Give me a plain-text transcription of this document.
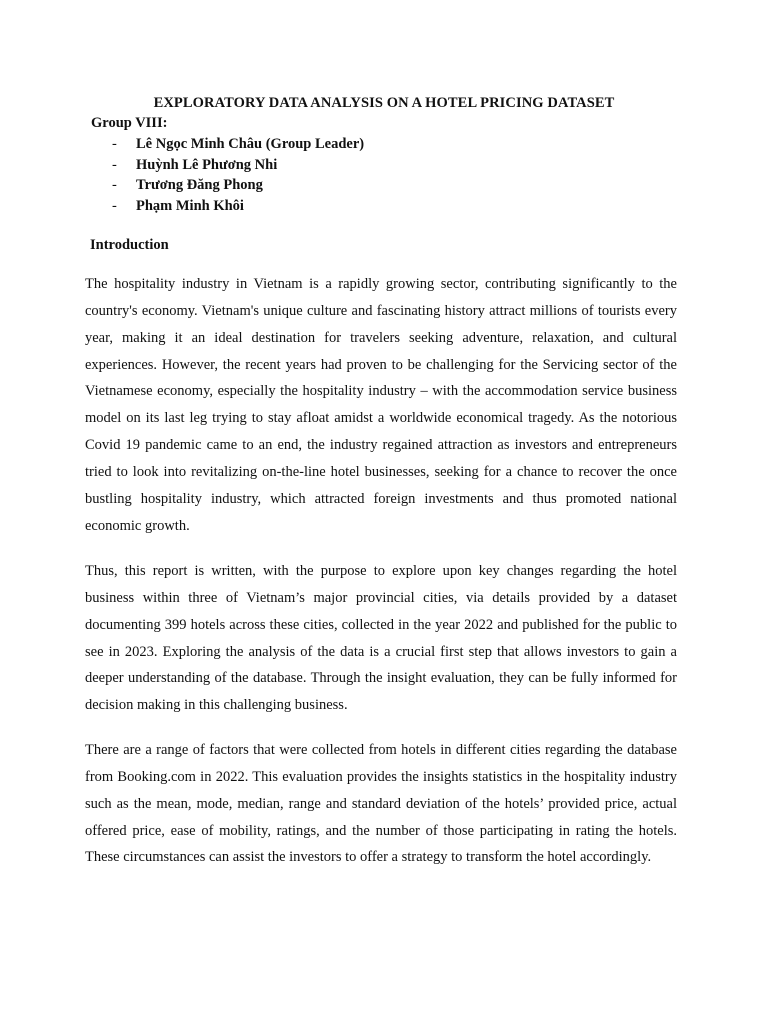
EXPLORATORY DATA ANALYSIS ON A HOTEL PRICING DATASET
Group VIII:
- Lê Ngọc Minh Châu (Group Leader)
- Huỳnh Lê Phương Nhi
- Trương Đăng Phong
- Phạm Minh Khôi
Introduction

The hospitality industry in Vietnam is a rapidly growing sector, contributing significantly to the country's economy. Vietnam's unique culture and fascinating history attract millions of tourists every year, making it an ideal destination for travelers seeking adventure, relaxation, and cultural experiences. However, the recent years had proven to be challenging for the Servicing sector of the Vietnamese economy, especially the hospitality industry – with the accommodation service business model on its last leg trying to stay afloat amidst a worldwide economical tragedy. As the notorious Covid 19 pandemic came to an end, the industry regained attraction as investors and entrepreneurs tried to look into revitalizing on-the-line hotel businesses, seeking for a chance to recover the once bustling hospitality industry, which attracted foreign investments and thus promoted national economic growth.

Thus, this report is written, with the purpose to explore upon key changes regarding the hotel business within three of Vietnam’s major provincial cities, via details provided by a dataset documenting 399 hotels across these cities, collected in the year 2022 and published for the public to see in 2023. Exploring the analysis of the data is a crucial first step that allows investors to gain a deeper understanding of the database. Through the insight evaluation, they can be fully informed for decision making in this challenging business.

There are a range of factors that were collected from hotels in different cities regarding the database from Booking.com in 2022. This evaluation provides the insights statistics in the hospitality industry such as the mean, mode, median, range and standard deviation of the hotels’ provided price, actual offered price, ease of mobility, ratings, and the number of those participating in rating the hotels. These circumstances can assist the investors to offer a strategy to transform the hotel accordingly.
